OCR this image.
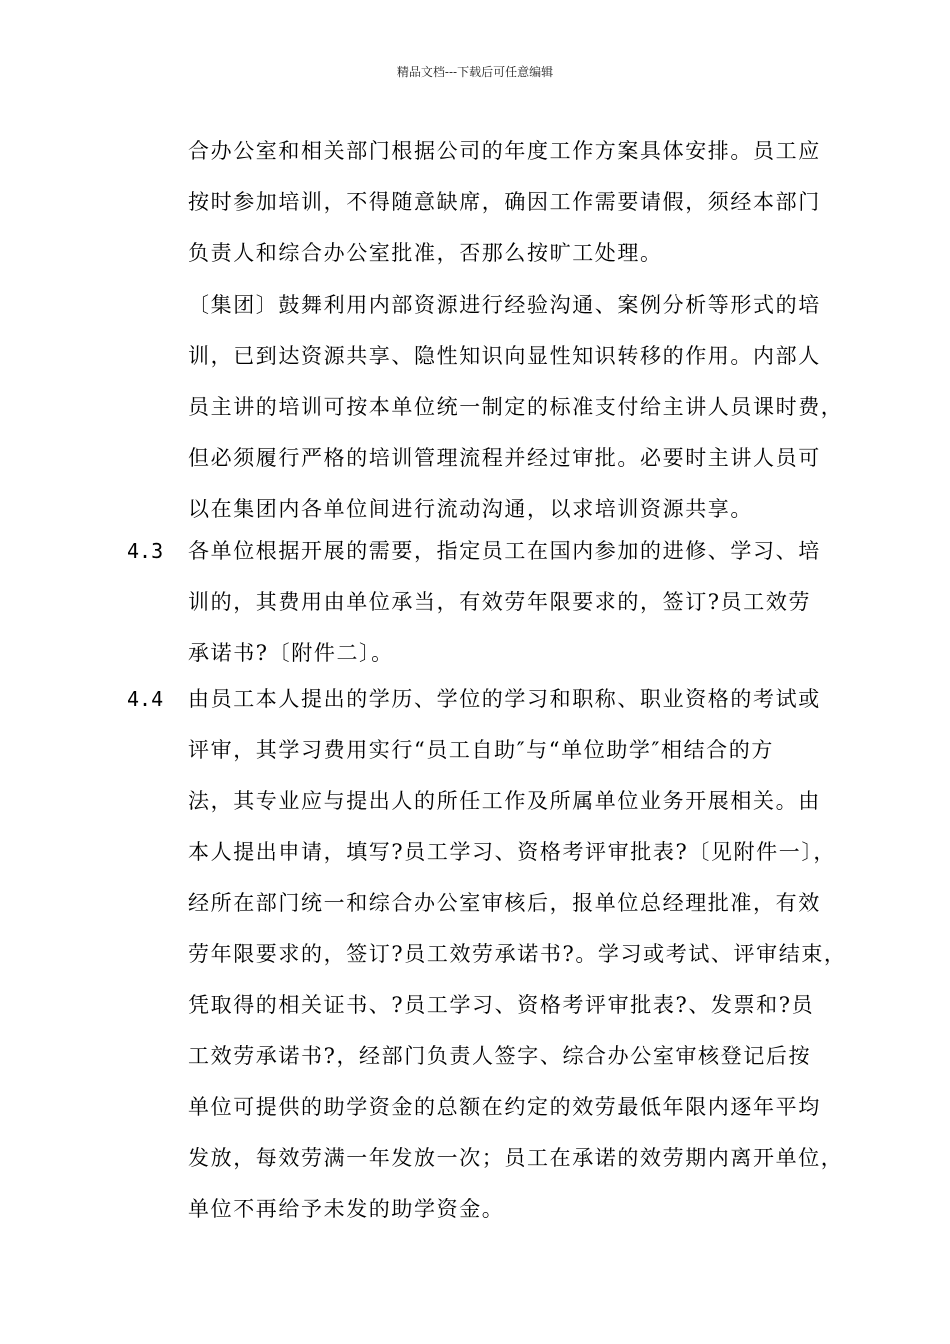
精品文档---下载后可任意编辑
合办公室和相关部门根据公司的年度工作方案具体安排。员工应
按时参加培训，不得随意缺席，确因工作需要请假，须经本部门
负责人和综合办公室批准，否那么按旷工处理。
〔集团〕鼓舞利用内部资源进行经验沟通、案例分析等形式的培
训，已到达资源共享、隐性知识向显性知识转移的作用。内部人
员主讲的培训可按本单位统一制定的标准支付给主讲人员课时费，
但必须履行严格的培训管理流程并经过审批。必要时主讲人员可
以在集团内各单位间进行流动沟通，以求培训资源共享。
4.3 各单位根据开展的需要，指定员工在国内参加的进修、学习、培
训的，其费用由单位承当，有效劳年限要求的，签订?员工效劳
承诺书?〔附件二〕。
4.4 由员工本人提出的学历、学位的学习和职称、职业资格的考试或
评审，其学习费用实行“员工自助″与“单位助学″相结合的方
法，其专业应与提出人的所任工作及所属单位业务开展相关。由
本人提出申请，填写?员工学习、资格考评审批表?〔见附件一〕，
经所在部门统一和综合办公室审核后，报单位总经理批准，有效
劳年限要求的，签订?员工效劳承诺书?。学习或考试、评审结束，
凭取得的相关证书、?员工学习、资格考评审批表?、发票和?员
工效劳承诺书?，经部门负责人签字、综合办公室审核登记后按
单位可提供的助学资金的总额在约定的效劳最低年限内逐年平均
发放，每效劳满一年发放一次；员工在承诺的效劳期内离开单位，
单位不再给予未发的助学资金。
